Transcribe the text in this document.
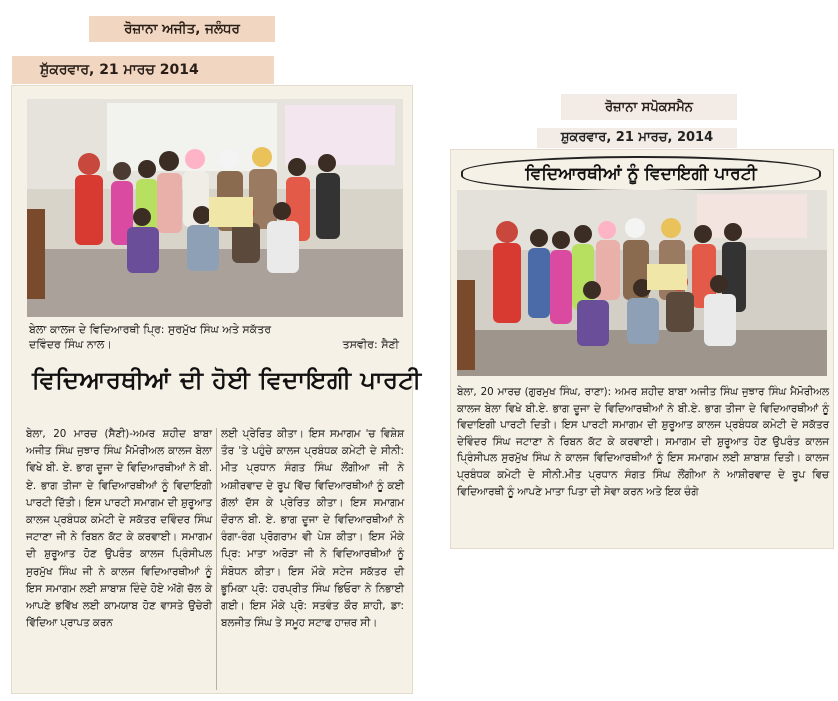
ਰੋਜ਼ਾਨਾ ਅਜੀਤ, ਜਲੰਧਰ
ਸ਼ੁੱਕਰਵਾਰ, 21 ਮਾਰਚ 2014
ਬੇਲਾ ਕਾਲਜ ਦੇ ਵਿਦਿਆਰਥੀ ਪ੍ਰਿ: ਸੁਰਮੁੱਖ ਸਿੰਘ ਅਤੇ ਸਕੱਤਰ
ਦਵਿੰਦਰ ਸਿੰਘ ਨਾਲ।	ਤਸਵੀਰ: ਸੈਣੀ
ਵਿਦਿਆਰਥੀਆਂ ਦੀ ਹੋਈ ਵਿਦਾਇਗੀ ਪਾਰਟੀ
ਬੇਲਾ, 20 ਮਾਰਚ (ਸੈਣੀ)-ਅਮਰ ਸ਼ਹੀਦ ਬਾਬਾ ਅਜੀਤ ਸਿੰਘ ਜੁਝਾਰ ਸਿੰਘ ਮੈਮੋਰੀਅਲ ਕਾਲਜ ਬੇਲਾ ਵਿਖੇ ਬੀ. ਏ. ਭਾਗ ਦੂਜਾ ਦੇ ਵਿਦਿਆਰਥੀਆਂ ਨੇ ਬੀ. ਏ. ਭਾਗ ਤੀਜਾ ਦੇ ਵਿਦਿਆਰਥੀਆਂ ਨੂੰ ਵਿਦਾਇਗੀ ਪਾਰਟੀ ਦਿੱਤੀ। ਇਸ ਪਾਰਟੀ ਸਮਾਗਮ ਦੀ ਸ਼ੁਰੂਆਤ ਕਾਲਜ ਪ੍ਰਬੰਧਕ ਕਮੇਟੀ ਦੇ ਸਕੱਤਰ ਦਵਿੰਦਰ ਸਿੰਘ ਜਟਾਣਾ ਜੀ ਨੇ ਰਿਬਨ ਕੱਟ ਕੇ ਕਰਵਾਈ। ਸਮਾਗਮ ਦੀ ਸ਼ੁਰੂਆਤ ਹੋਣ ਉਪਰੰਤ ਕਾਲਜ ਪ੍ਰਿੰਸੀਪਲ ਸੁਰਮੁੱਖ ਸਿੰਘ ਜੀ ਨੇ ਕਾਲਜ ਵਿਦਿਆਰਥੀਆਂ ਨੂੰ ਇਸ ਸਮਾਗਮ ਲਈ ਸ਼ਾਬਾਸ਼ ਦਿੰਦੇ ਹੋਏ ਅੱਗੇ ਚੱਲ ਕੇ ਆਪਣੇ ਭਵਿੱਖ ਲਈ ਕਾਮਯਾਬ ਹੋਣ ਵਾਸਤੇ ਉਚੇਰੀ ਵਿੱਦਿਆ ਪ੍ਰਾਪਤ ਕਰਨ
ਲਈ ਪ੍ਰੇਰਿਤ ਕੀਤਾ। ਇਸ ਸਮਾਗਮ 'ਚ ਵਿਸ਼ੇਸ਼ ਤੌਰ 'ਤੇ ਪਹੁੰਚੇ ਕਾਲਜ ਪ੍ਰਬੰਧਕ ਕਮੇਟੀ ਦੇ ਸੀਨੀ: ਮੀਤ ਪ੍ਰਧਾਨ ਸੰਗਤ ਸਿੰਘ ਲੌਂਗੀਆ ਜੀ ਨੇ ਅਸ਼ੀਰਵਾਦ ਦੇ ਰੂਪ ਵਿੱਚ ਵਿਦਿਆਰਥੀਆਂ ਨੂੰ ਕਈ ਗੱਲਾਂ ਦੱਸ ਕੇ ਪ੍ਰੇਰਿਤ ਕੀਤਾ। ਇਸ ਸਮਾਗਮ ਦੌਰਾਨ ਬੀ. ਏ. ਭਾਗ ਦੂਜਾ ਦੇ ਵਿਦਿਆਰਥੀਆਂ ਨੇ ਰੰਗਾ-ਰੰਗ ਪ੍ਰੋਗਰਾਮ ਵੀ ਪੇਸ਼ ਕੀਤਾ। ਇਸ ਮੌਕੇ ਪ੍ਰਿ: ਮਾਤਾ ਅਰੋੜਾ ਜੀ ਨੇ ਵਿਦਿਆਰਥੀਆਂ ਨੂੰ ਸੰਬੋਧਨ ਕੀਤਾ। ਇਸ ਮੌਕੇ ਸਟੇਜ ਸਕੱਤਰ ਦੀ ਭੂਮਿਕਾ ਪ੍ਰੋ: ਹਰਪ੍ਰੀਤ ਸਿੰਘ ਭਿਓਰਾ ਨੇ ਨਿਭਾਈ ਗਈ। ਇਸ ਮੌਕੇ ਪ੍ਰੋ: ਸਤਵੰਤ ਕੌਰ ਸ਼ਾਹੀ, ਡਾ: ਬਲਜੀਤ ਸਿੰਘ ਤੇ ਸਮੂਹ ਸਟਾਫ ਹਾਜ਼ਰ ਸੀ।
ਰੋਜ਼ਾਨਾ ਸਪੋਕਸਮੈਨ
ਸ਼ੁਕਰਵਾਰ, 21 ਮਾਰਚ, 2014
ਵਿਦਿਆਰਥੀਆਂ ਨੂੰ ਵਿਦਾਇਗੀ ਪਾਰਟੀ
ਬੇਲਾ, 20 ਮਾਰਚ (ਗੁਰਮੁਖ ਸਿੰਘ, ਰਾਣਾ): ਅਮਰ ਸ਼ਹੀਦ ਬਾਬਾ ਅਜੀਤ ਸਿੰਘ ਜੁਝਾਰ ਸਿੰਘ ਮੈਮੋਰੀਅਲ ਕਾਲਜ ਬੇਲਾ ਵਿਖੇ ਬੀ.ਏ. ਭਾਗ ਦੂਜਾ ਦੇ ਵਿਦਿਆਰਥੀਆਂ ਨੇ ਬੀ.ਏ. ਭਾਗ ਤੀਜਾ ਦੇ ਵਿਦਿਆਰਥੀਆਂ ਨੂੰ ਵਿਦਾਇਗੀ ਪਾਰਟੀ ਦਿਤੀ। ਇਸ ਪਾਰਟੀ ਸਮਾਗਮ ਦੀ ਸ਼ੁਰੂਆਤ ਕਾਲਜ ਪ੍ਰਬੰਧਕ ਕਮੇਟੀ ਦੇ ਸਕੱਤਰ ਦੇਵਿੰਦਰ ਸਿੰਘ ਜਟਾਣਾ ਨੇ ਰਿਬਨ ਕੱਟ ਕੇ ਕਰਵਾਈ। ਸਮਾਗਮ ਦੀ ਸ਼ੁਰੂਆਤ ਹੋਣ ਉਪਰੰਤ ਕਾਲਜ ਪ੍ਰਿੰਸੀਪਲ ਸੁਰਮੁੱਖ ਸਿੰਘ ਨੇ ਕਾਲਜ ਵਿਦਿਆਰਥੀਆਂ ਨੂੰ ਇਸ ਸਮਾਗਮ ਲਈ ਸ਼ਾਬਾਸ਼ ਦਿਤੀ। ਕਾਲਜ ਪ੍ਰਬੰਧਕ ਕਮੇਟੀ ਦੇ ਸੀਨੀ.ਮੀਤ ਪ੍ਰਧਾਨ ਸੰਗਤ ਸਿੰਘ ਲੌਂਗੀਆ ਨੇ ਆਸ਼ੀਰਵਾਦ ਦੇ ਰੂਪ ਵਿਚ ਵਿਦਿਆਰਥੀ ਨੂੰ ਆਪਣੇ ਮਾਤਾ ਪਿਤਾ ਦੀ ਸੇਵਾ ਕਰਨ ਅਤੇ ਇਕ ਚੰਗੇ
